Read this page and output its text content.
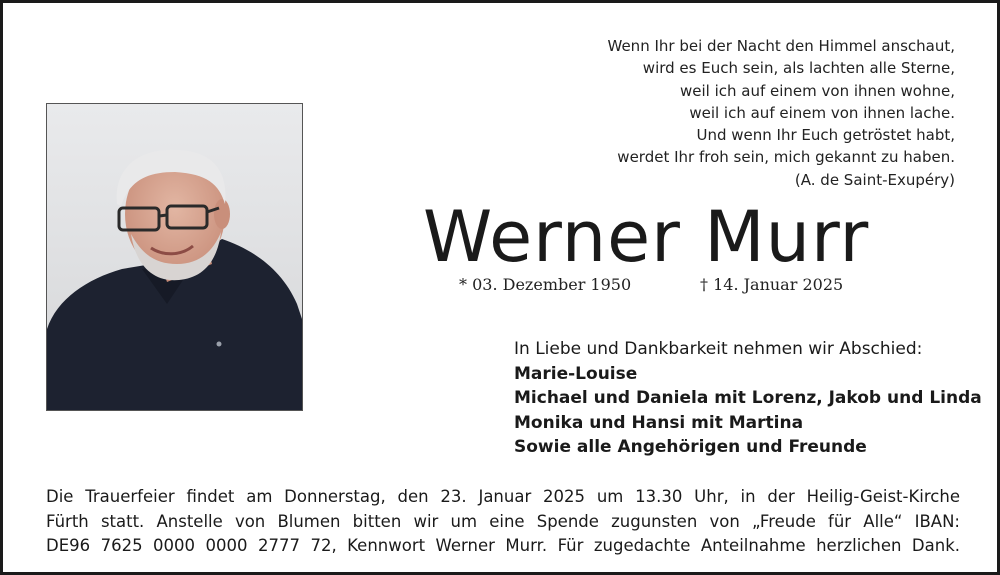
Wenn Ihr bei der Nacht den Himmel anschaut,
wird es Euch sein, als lachten alle Sterne,
weil ich auf einem von ihnen wohne,
weil ich auf einem von ihnen lache.
Und wenn Ihr Euch getröstet habt,
werdet Ihr froh sein, mich gekannt zu haben.
(A. de Saint-Exupéry)
Werner Murr
* 03. Dezember 1950	† 14. Januar 2025
In Liebe und Dankbarkeit nehmen wir Abschied:
Marie-Louise
Michael und Daniela mit Lorenz, Jakob und Linda
Monika und Hansi mit Martina
Sowie alle Angehörigen und Freunde
Die Trauerfeier findet am Donnerstag, den 23. Januar 2025 um 13.30 Uhr, in der Heilig-Geist-Kirche
Fürth statt. Anstelle von Blumen bitten wir um eine Spende zugunsten von „Freude für Alle“ IBAN:
DE96 7625 0000 0000 2777 72, Kennwort Werner Murr. Für zugedachte Anteilnahme herzlichen Dank.
